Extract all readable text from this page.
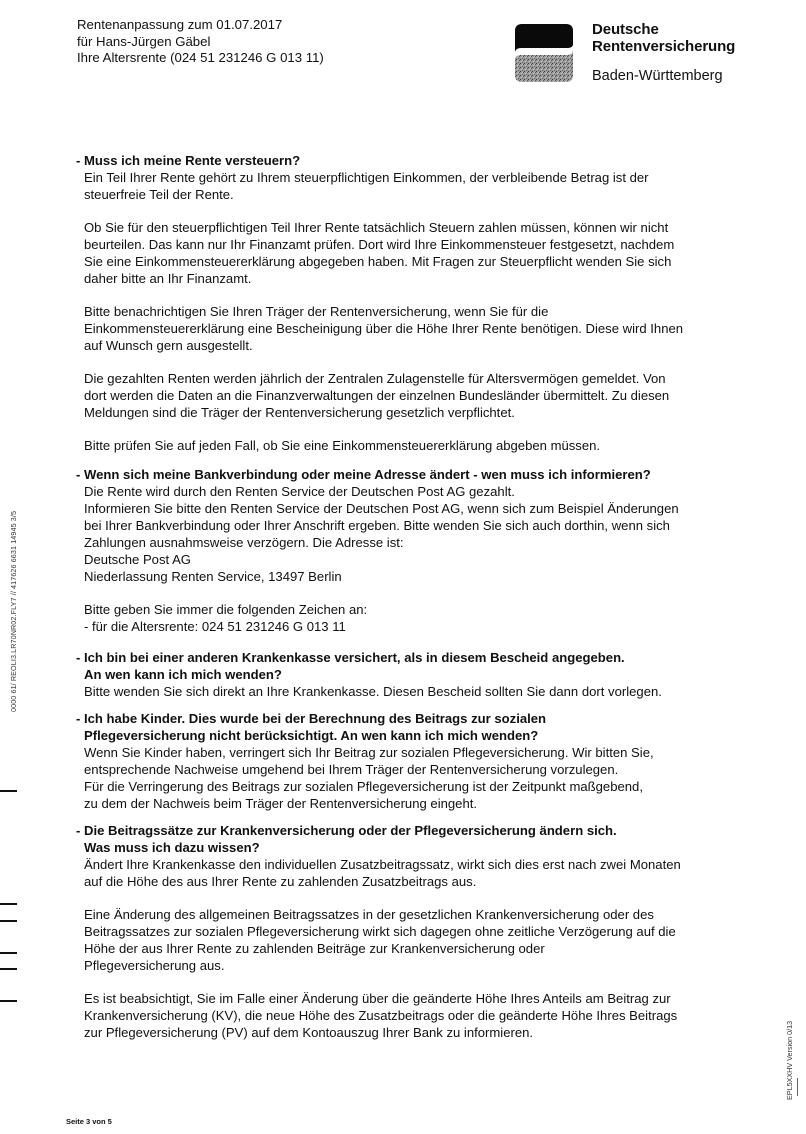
Rentenanpassung zum 01.07.2017
für Hans-Jürgen Gäbel
Ihre Altersrente (024 51 231246 G 013 11)
Deutsche
Rentenversicherung
Baden-Württemberg
- Muss ich meine Rente versteuern?
Ein Teil Ihrer Rente gehört zu Ihrem steuerpflichtigen Einkommen, der verbleibende Betrag ist der
steuerfreie Teil der Rente.
Ob Sie für den steuerpflichtigen Teil Ihrer Rente tatsächlich Steuern zahlen müssen, können wir nicht
beurteilen. Das kann nur Ihr Finanzamt prüfen. Dort wird Ihre Einkommensteuer festgesetzt, nachdem
Sie eine Einkommensteuererklärung abgegeben haben. Mit Fragen zur Steuerpflicht wenden Sie sich
daher bitte an Ihr Finanzamt.
Bitte benachrichtigen Sie Ihren Träger der Rentenversicherung, wenn Sie für die
Einkommensteuererklärung eine Bescheinigung über die Höhe Ihrer Rente benötigen. Diese wird Ihnen
auf Wunsch gern ausgestellt.
Die gezahlten Renten werden jährlich der Zentralen Zulagenstelle für Altersvermögen gemeldet. Von
dort werden die Daten an die Finanzverwaltungen der einzelnen Bundesländer übermittelt. Zu diesen
Meldungen sind die Träger der Rentenversicherung gesetzlich verpflichtet.
Bitte prüfen Sie auf jeden Fall, ob Sie eine Einkommensteuererklärung abgeben müssen.
- Wenn sich meine Bankverbindung oder meine Adresse ändert - wen muss ich informieren?
Die Rente wird durch den Renten Service der Deutschen Post AG gezahlt.
Informieren Sie bitte den Renten Service der Deutschen Post AG, wenn sich zum Beispiel Änderungen
bei Ihrer Bankverbindung oder Ihrer Anschrift ergeben. Bitte wenden Sie sich auch dorthin, wenn sich
Zahlungen ausnahmsweise verzögern. Die Adresse ist:
Deutsche Post AG
Niederlassung Renten Service, 13497 Berlin
Bitte geben Sie immer die folgenden Zeichen an:
- für die Altersrente: 024 51 231246 G 013 11
- Ich bin bei einer anderen Krankenkasse versichert, als in diesem Bescheid angegeben.
An wen kann ich mich wenden?
Bitte wenden Sie sich direkt an Ihre Krankenkasse. Diesen Bescheid sollten Sie dann dort vorlegen.
- Ich habe Kinder. Dies wurde bei der Berechnung des Beitrags zur sozialen
Pflegeversicherung nicht berücksichtigt. An wen kann ich mich wenden?
Wenn Sie Kinder haben, verringert sich Ihr Beitrag zur sozialen Pflegeversicherung. Wir bitten Sie,
entsprechende Nachweise umgehend bei Ihrem Träger der Rentenversicherung vorzulegen.
Für die Verringerung des Beitrags zur sozialen Pflegeversicherung ist der Zeitpunkt maßgebend,
zu dem der Nachweis beim Träger der Rentenversicherung eingeht.
- Die Beitragssätze zur Krankenversicherung oder der Pflegeversicherung ändern sich.
Was muss ich dazu wissen?
Ändert Ihre Krankenkasse den individuellen Zusatzbeitragssatz, wirkt sich dies erst nach zwei Monaten
auf die Höhe des aus Ihrer Rente zu zahlenden Zusatzbeitrags aus.
Eine Änderung des allgemeinen Beitragssatzes in der gesetzlichen Krankenversicherung oder des
Beitragssatzes zur sozialen Pflegeversicherung wirkt sich dagegen ohne zeitliche Verzögerung auf die
Höhe der aus Ihrer Rente zu zahlenden Beiträge zur Krankenversicherung oder
Pflegeversicherung aus.
Es ist beabsichtigt, Sie im Falle einer Änderung über die geänderte Höhe Ihres Anteils am Beitrag zur
Krankenversicherung (KV), die neue Höhe des Zusatzbeitrags oder die geänderte Höhe Ihres Beitrags
zur Pflegeversicherung (PV) auf dem Kontoauszug Ihrer Bank zu informieren.
0000 61/ REOLI3.LR70NR02.FLY7 // 417626 6631 14945 3/5
EPL5XXHV Version 0/13
Seite 3 von 5
